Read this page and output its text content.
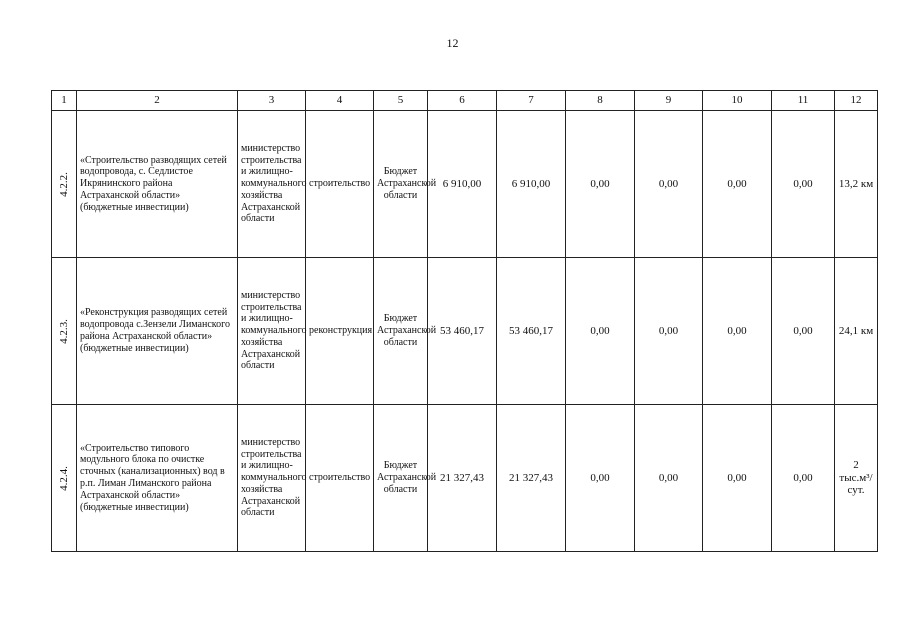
12
1	2	3	4	5	6	7	8	9	10	11	12
4.2.2.	«Строительство разводящих сетей водопровода, с. Седлистое Икрянинского района Астраханской области» (бюджетные инвестиции)	министерство строительства и жилищно-коммунального хозяйства Астраханской области	строительство	Бюджет Астраханской области	6 910,00	6 910,00	0,00	0,00	0,00	0,00	13,2 км
4.2.3.	«Реконструкция разводящих сетей водопровода с.Зензели Лиманского района Астраханской области» (бюджетные инвестиции)	министерство строительства и жилищно-коммунального хозяйства Астраханской области	реконструкция	Бюджет Астраханской области	53 460,17	53 460,17	0,00	0,00	0,00	0,00	24,1 км
4.2.4.	«Строительство типового модульного блока по очистке сточных (канализационных) вод в р.п. Лиман Лиманского района Астраханской области» (бюджетные инвестиции)	министерство строительства и жилищно-коммунального хозяйства Астраханской области	строительство	Бюджет Астраханской области	21 327,43	21 327,43	0,00	0,00	0,00	0,00	2 тыс.м³/ сут.
